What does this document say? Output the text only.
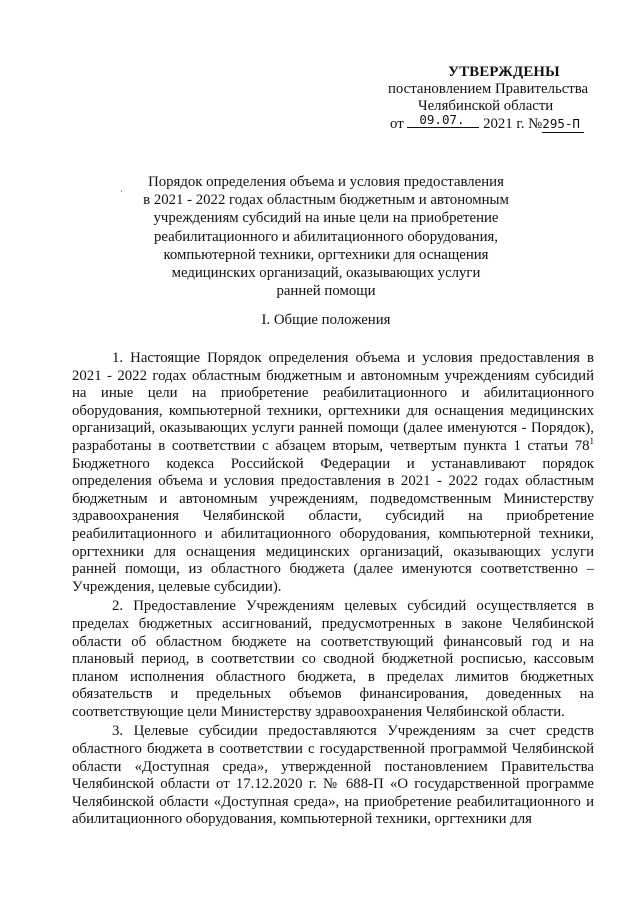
УТВЕРЖДЕНЫ
постановлением Правительства
Челябинской области
от 09.07. 2021 г. №295-П
Порядок определения объема и условия предоставления
в 2021 - 2022 годах областным бюджетным и автономным
учреждениям субсидий на иные цели на приобретение
реабилитационного и абилитационного оборудования,
компьютерной техники, оргтехники для оснащения
медицинских организаций, оказывающих услуги
ранней помощи
I. Общие положения

1. Настоящие Порядок определения объема и условия предоставления в 2021 - 2022 годах областным бюджетным и автономным учреждениям субсидий на иные цели на приобретение реабилитационного и абилитационного оборудования, компьютерной техники, оргтехники для оснащения медицинских организаций, оказывающих услуги ранней помощи (далее именуются - Порядок), разработаны в соответствии с абзацем вторым, четвертым пункта 1 статьи $78^1$ Бюджетного кодекса Российской Федерации и устанавливают порядок определения объема и условия предоставления в 2021 - 2022 годах областным бюджетным и автономным учреждениям, подведомственным Министерству здравоохранения Челябинской области, субсидий на приобретение реабилитационного и абилитационного оборудования, компьютерной техники, оргтехники для оснащения медицинских организаций, оказывающих услуги ранней помощи, из областного бюджета (далее именуются соответственно – Учреждения, целевые субсидии).

2. Предоставление Учреждениям целевых субсидий осуществляется в пределах бюджетных ассигнований, предусмотренных в законе Челябинской области об областном бюджете на соответствующий финансовый год и на плановый период, в соответствии со сводной бюджетной росписью, кассовым планом исполнения областного бюджета, в пределах лимитов бюджетных обязательств и предельных объемов финансирования, доведенных на соответствующие цели Министерству здравоохранения Челябинской области.

3. Целевые субсидии предоставляются Учреждениям за счет средств областного бюджета в соответствии с государственной программой Челябинской области «Доступная среда», утвержденной постановлением Правительства Челябинской области от 17.12.2020 г. № 688-П «О государственной программе Челябинской области «Доступная среда», на приобретение реабилитационного и абилитационного оборудования, компьютерной техники, оргтехники для
